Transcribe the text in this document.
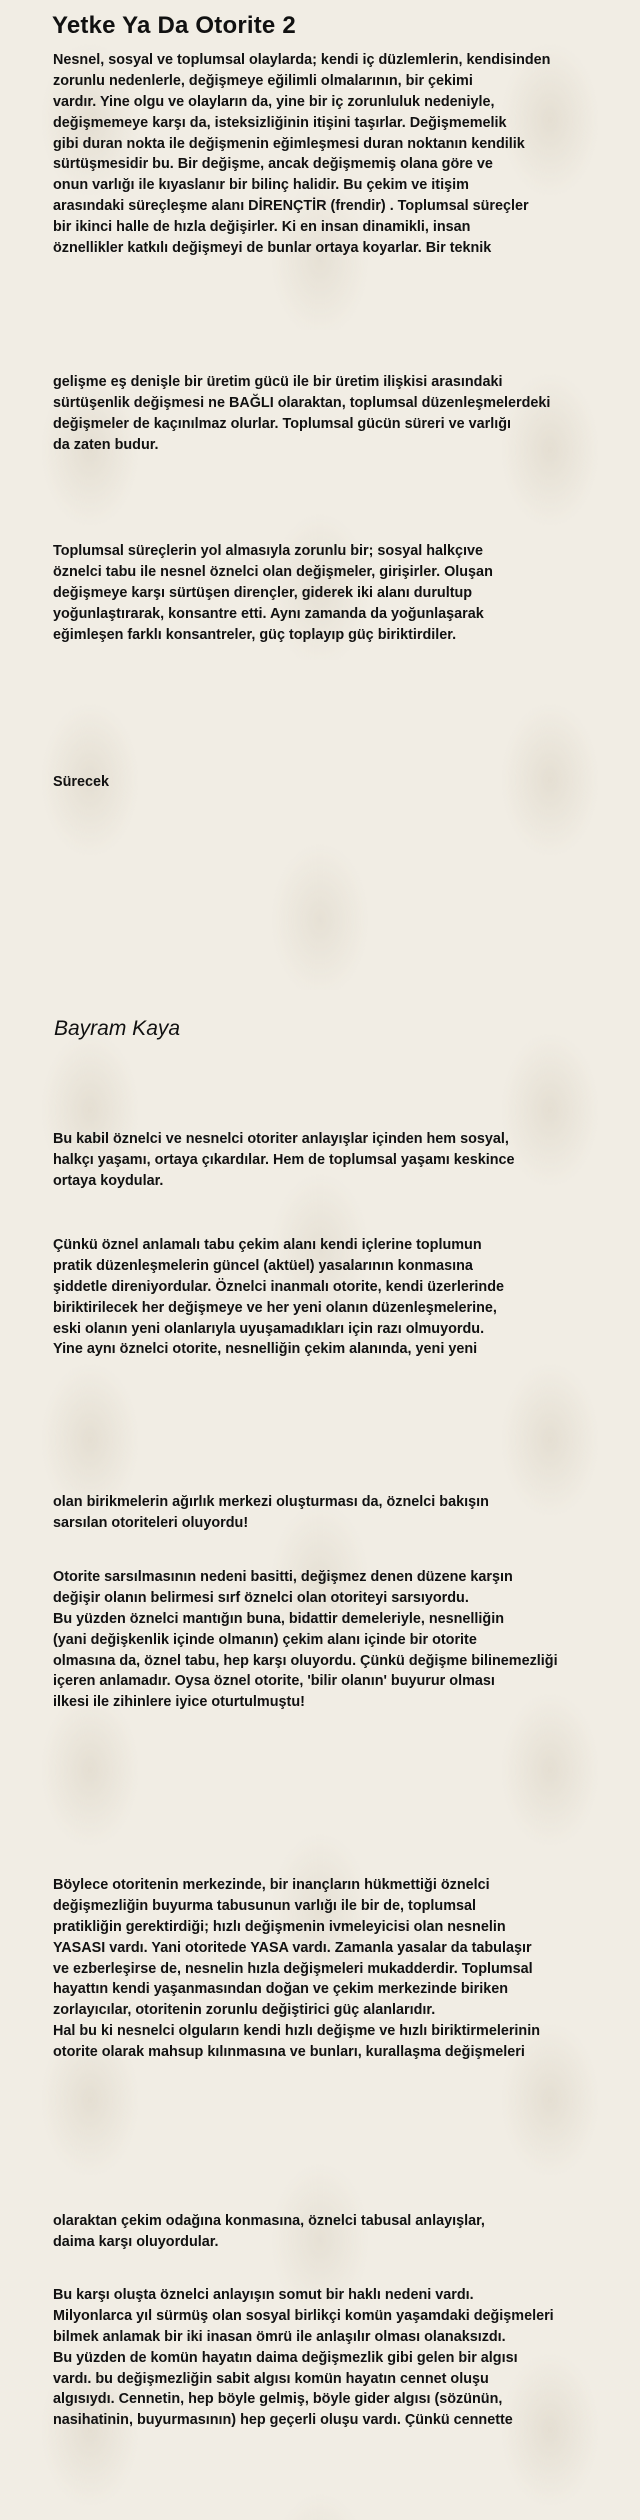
Yetke Ya Da Otorite 2
Nesnel, sosyal ve toplumsal olaylarda; kendi iç düzlemlerin, kendisinden
zorunlu nedenlerle, değişmeye eğilimli olmalarının, bir çekimi
vardır. Yine olgu ve olayların da, yine bir iç zorunluluk nedeniyle,
değişmemeye karşı da, isteksizliğinin itişini taşırlar. Değişmemelik
gibi duran nokta ile değişmenin eğimleşmesi duran noktanın kendilik
sürtüşmesidir bu. Bir değişme, ancak değişmemiş olana göre ve
onun varlığı ile kıyaslanır bir bilinç halidir. Bu çekim ve itişim
arasındaki süreçleşme alanı DİRENÇTİR (frendir) . Toplumsal süreçler
bir ikinci halle de hızla değişirler. Ki en insan dinamikli, insan
öznellikler katkılı değişmeyi de bunlar ortaya koyarlar. Bir teknik
gelişme eş denişle bir üretim gücü ile bir üretim ilişkisi arasındaki
sürtüşenlik değişmesi ne BAĞLI olaraktan, toplumsal düzenleşmelerdeki
değişmeler de kaçınılmaz olurlar. Toplumsal gücün süreri ve varlığı
da zaten budur.
Toplumsal süreçlerin yol almasıyla zorunlu bir; sosyal halkçıve
öznelci tabu ile nesnel öznelci olan değişmeler, girişirler. Oluşan
değişmeye karşı sürtüşen dirençler, giderek iki alanı durultup
yoğunlaştırarak, konsantre etti. Aynı zamanda da yoğunlaşarak
eğimleşen farklı konsantreler, güç toplayıp güç biriktirdiler.
Sürecek
Bayram Kaya
Bu kabil öznelci ve nesnelci otoriter anlayışlar içinden hem sosyal,
halkçı yaşamı, ortaya çıkardılar. Hem de toplumsal yaşamı keskince
ortaya koydular.
Çünkü öznel anlamalı tabu çekim alanı kendi içlerine toplumun
pratik düzenleşmelerin güncel (aktüel) yasalarının konmasına
şiddetle direniyordular. Öznelci inanmalı otorite, kendi üzerlerinde
biriktirilecek her değişmeye ve her yeni olanın düzenleşmelerine,
eski olanın yeni olanlarıyla uyuşamadıkları için razı olmuyordu.
Yine aynı öznelci otorite, nesnelliğin çekim alanında, yeni yeni
olan birikmelerin ağırlık merkezi oluşturması da, öznelci bakışın
sarsılan otoriteleri oluyordu!
Otorite sarsılmasının nedeni basitti, değişmez denen düzene karşın
değişir olanın belirmesi sırf öznelci olan otoriteyi sarsıyordu.
Bu yüzden öznelci mantığın buna, bidattir demeleriyle, nesnelliğin
(yani değişkenlik içinde olmanın) çekim alanı içinde bir otorite
olmasına da, öznel tabu, hep karşı oluyordu. Çünkü değişme bilinemezliği
içeren anlamadır. Oysa öznel otorite, 'bilir olanın' buyurur olması
ilkesi ile zihinlere iyice oturtulmuştu!
Böylece otoritenin merkezinde, bir inançların hükmettiği öznelci
değişmezliğin buyurma tabusunun varlığı ile bir de, toplumsal
pratikliğin gerektirdiği; hızlı değişmenin ivmeleyicisi olan nesnelin
YASASI vardı. Yani otoritede YASA vardı. Zamanla yasalar da tabulaşır
ve ezberleşirse de, nesnelin hızla değişmeleri mukadderdir. Toplumsal
hayattın kendi yaşanmasından doğan ve çekim merkezinde biriken
zorlayıcılar, otoritenin zorunlu değiştirici güç alanlarıdır.
Hal bu ki nesnelci olguların kendi hızlı değişme ve hızlı biriktirmelerinin
otorite olarak mahsup kılınmasına ve bunları, kurallaşma değişmeleri
olaraktan çekim odağına konmasına, öznelci tabusal anlayışlar,
daima karşı oluyordular.
Bu karşı oluşta öznelci anlayışın somut bir haklı nedeni vardı.
Milyonlarca yıl sürmüş olan sosyal birlikçi komün yaşamdaki değişmeleri
bilmek anlamak bir iki inasan ömrü ile anlaşılır olması olanaksızdı.
Bu yüzden de komün hayatın daima değişmezlik gibi gelen bir algısı
vardı. bu değişmezliğin sabit algısı komün hayatın cennet oluşu
algısıydı. Cennetin, hep böyle gelmiş, böyle gider algısı (sözünün,
nasihatinin, buyurmasının) hep geçerli oluşu vardı. Çünkü cennette
